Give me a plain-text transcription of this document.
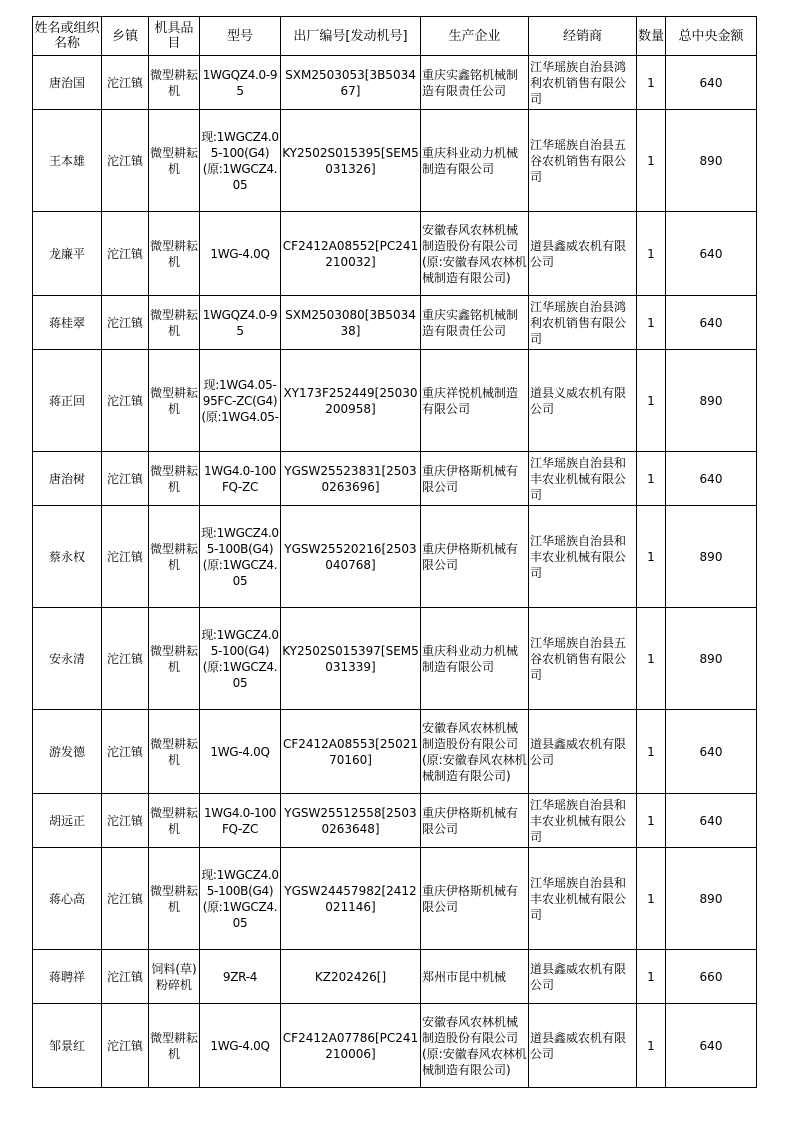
姓名或组织名称	乡镇	机具品目	型号	出厂编号[发动机号]	生产企业	经销商	数量	总中央金额

唐治国	沱江镇	微型耕耘机	1WGQZ4.0-95	SXM2503053[3B503467]	重庆实鑫铭机械制造有限责任公司	江华瑶族自治县鸿利农机销售有限公司	1	640

王本雄	沱江镇	微型耕耘机	现:1WGCZ4.05-100(G4)(原:1WGCZ4.05	KY2502S015395[SEM5031326]	重庆科业动力机械制造有限公司	江华瑶族自治县五谷农机销售有限公司	1	890

龙廉平	沱江镇	微型耕耘机	1WG-4.0Q	CF2412A08552[PC241210032]	安徽春风农林机械制造股份有限公司(原:安徽春风农林机械制造有限公司)	道县鑫威农机有限公司	1	640

蒋桂翠	沱江镇	微型耕耘机	1WGQZ4.0-95	SXM2503080[3B503438]	重庆实鑫铭机械制造有限责任公司	江华瑶族自治县鸿利农机销售有限公司	1	640

蒋正回	沱江镇	微型耕耘机	现:1WG4.05-95FC-ZC(G4)(原:1WG4.05-	XY173F252449[25030200958]	重庆祥悦机械制造有限公司	道县义威农机有限公司	1	890

唐治树	沱江镇	微型耕耘机	1WG4.0-100FQ-ZC	YGSW25523831[25030263696]	重庆伊格斯机械有限公司	江华瑶族自治县和丰农业机械有限公司	1	640

蔡永权	沱江镇	微型耕耘机	现:1WGCZ4.05-100B(G4)(原:1WGCZ4.05	YGSW25520216[2503040768]	重庆伊格斯机械有限公司	江华瑶族自治县和丰农业机械有限公司	1	890

安永清	沱江镇	微型耕耘机	现:1WGCZ4.05-100(G4)(原:1WGCZ4.05	KY2502S015397[SEM5031339]	重庆科业动力机械制造有限公司	江华瑶族自治县五谷农机销售有限公司	1	890

游发德	沱江镇	微型耕耘机	1WG-4.0Q	CF2412A08553[2502170160]	安徽春风农林机械制造股份有限公司(原:安徽春风农林机械制造有限公司)	道县鑫威农机有限公司	1	640

胡远正	沱江镇	微型耕耘机	1WG4.0-100FQ-ZC	YGSW25512558[25030263648]	重庆伊格斯机械有限公司	江华瑶族自治县和丰农业机械有限公司	1	640

蒋心高	沱江镇	微型耕耘机	现:1WGCZ4.05-100B(G4)(原:1WGCZ4.05	YGSW24457982[2412021146]	重庆伊格斯机械有限公司	江华瑶族自治县和丰农业机械有限公司	1	890

蒋聘祥	沱江镇	饲料(草)粉碎机	9ZR-4	KZ202426[]	郑州市昆中机械	道县鑫威农机有限公司	1	660

邹景红	沱江镇	微型耕耘机	1WG-4.0Q	CF2412A07786[PC241210006]	安徽春风农林机械制造股份有限公司(原:安徽春风农林机械制造有限公司)	道县鑫威农机有限公司	1	640
